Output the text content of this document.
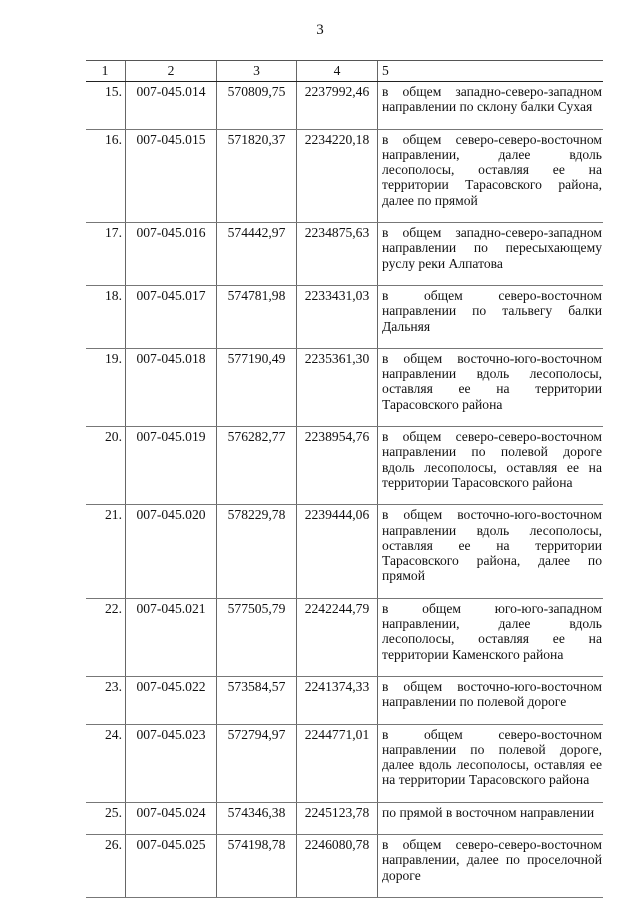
3
1	2	3	4	5
15.	007-045.014	570809,75	2237992,46	в общем западно-северо-западном направлении по склону балки Сухая
16.	007-045.015	571820,37	2234220,18	в общем северо-северо-восточном направлении, далее вдоль лесополосы, оставляя ее на территории Тарасовского района, далее по прямой
17.	007-045.016	574442,97	2234875,63	в общем западно-северо-западном направлении по пересыхающему руслу реки Алпатова
18.	007-045.017	574781,98	2233431,03	в общем северо-восточном направлении по тальвегу балки Дальняя
19.	007-045.018	577190,49	2235361,30	в общем восточно-юго-восточном направлении вдоль лесополосы, оставляя ее на территории Тарасовского района
20.	007-045.019	576282,77	2238954,76	в общем северо-северо-восточном направлении по полевой дороге вдоль лесополосы, оставляя ее на территории Тарасовского района
21.	007-045.020	578229,78	2239444,06	в общем восточно-юго-восточном направлении вдоль лесополосы, оставляя ее на территории Тарасовского района, далее по прямой
22.	007-045.021	577505,79	2242244,79	в общем юго-юго-западном направлении, далее вдоль лесополосы, оставляя ее на территории Каменского района
23.	007-045.022	573584,57	2241374,33	в общем восточно-юго-восточном направлении по полевой дороге
24.	007-045.023	572794,97	2244771,01	в общем северо-восточном направлении по полевой дороге, далее вдоль лесополосы, оставляя ее на территории Тарасовского района
25.	007-045.024	574346,38	2245123,78	по прямой в восточном направлении
26.	007-045.025	574198,78	2246080,78	в общем северо-северо-восточном направлении, далее по проселочной дороге
